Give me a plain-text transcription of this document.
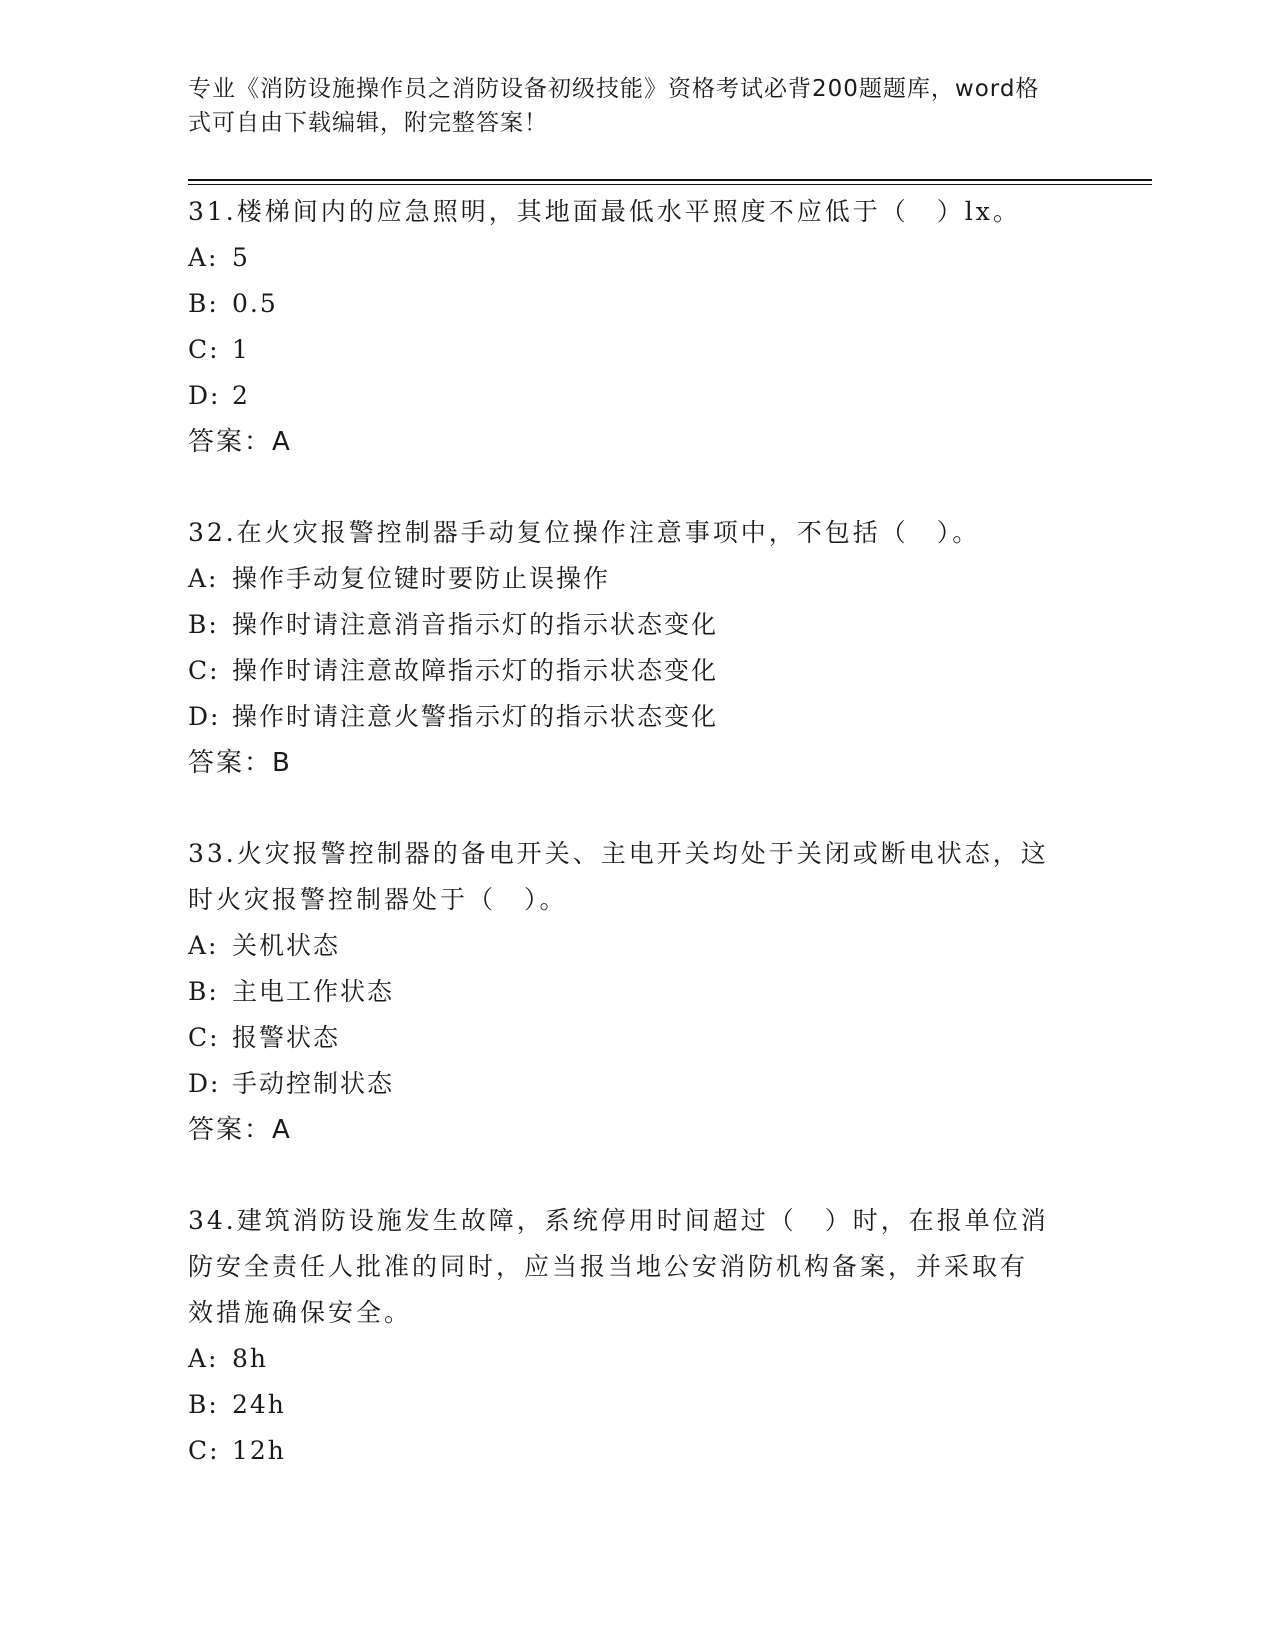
专业《消防设施操作员之消防设备初级技能》资格考试必背200题题库，word格
式可自由下载编辑，附完整答案！
31.楼梯间内的应急照明，其地面最低水平照度不应低于（　）lx。
A: 5
B: 0.5
C: 1
D: 2
答案：A
32.在火灾报警控制器手动复位操作注意事项中，不包括（　）。
A: 操作手动复位键时要防止误操作
B: 操作时请注意消音指示灯的指示状态变化
C: 操作时请注意故障指示灯的指示状态变化
D: 操作时请注意火警指示灯的指示状态变化
答案：B
33.火灾报警控制器的备电开关、主电开关均处于关闭或断电状态，这
时火灾报警控制器处于（　）。
A: 关机状态
B: 主电工作状态
C: 报警状态
D: 手动控制状态
答案：A
34.建筑消防设施发生故障，系统停用时间超过（　）时，在报单位消
防安全责任人批准的同时，应当报当地公安消防机构备案，并采取有
效措施确保安全。
A: 8h
B: 24h
C: 12h
